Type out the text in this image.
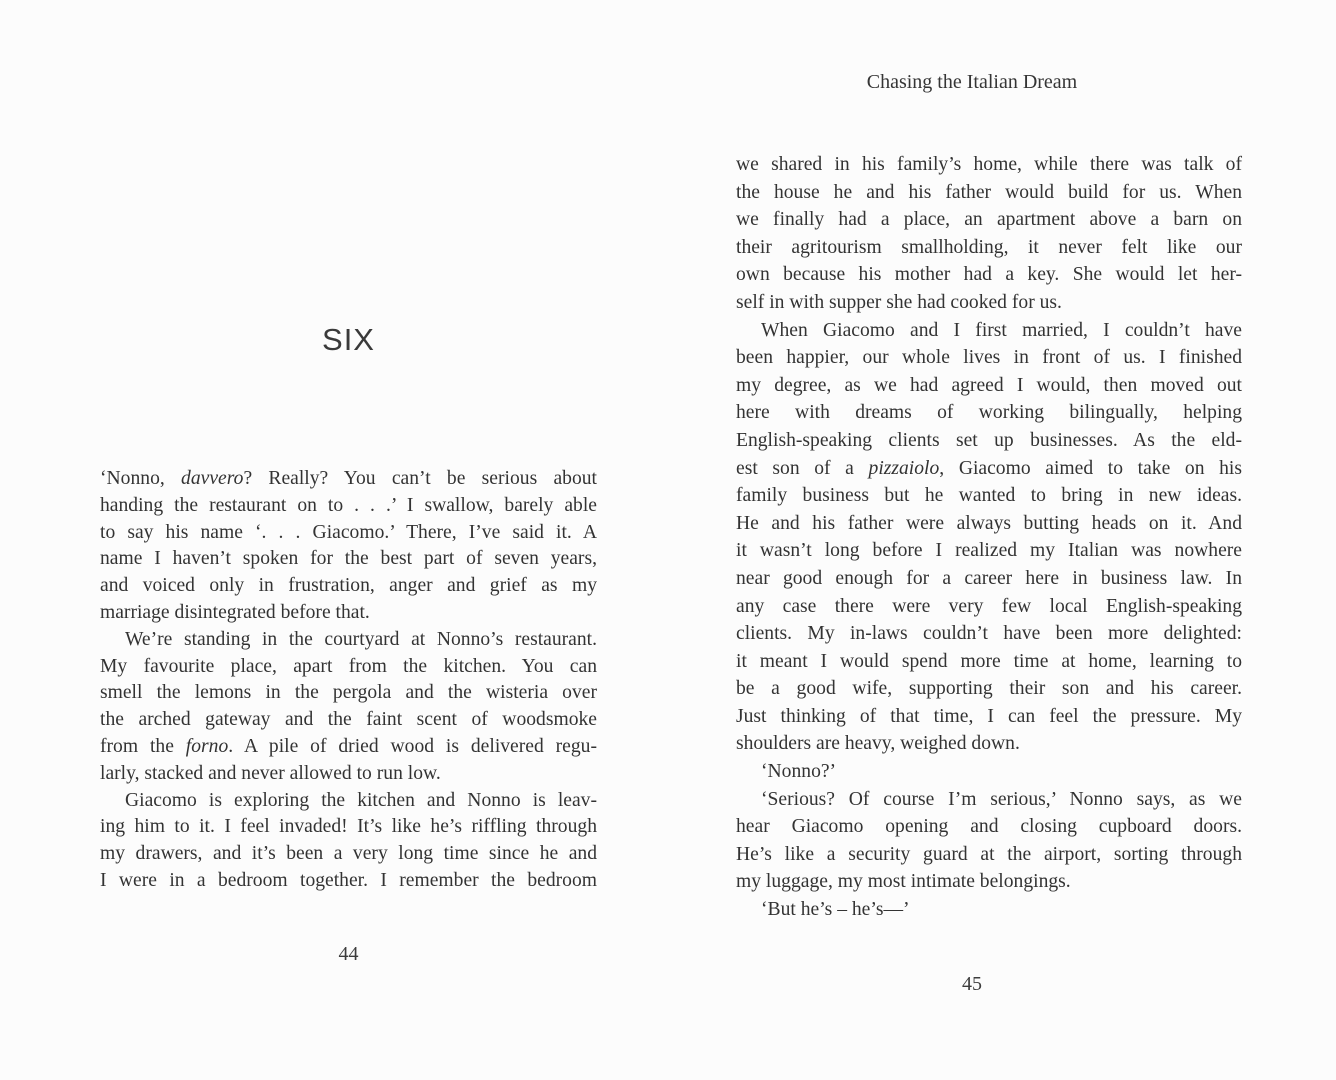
SIX
‘Nonno, davvero? Really? You can’t be serious about
handing the restaurant on to . . .’ I swallow, barely able
to say his name ‘. . . Giacomo.’ There, I’ve said it. A
name I haven’t spoken for the best part of seven years,
and voiced only in frustration, anger and grief as my
marriage disintegrated before that.
We’re standing in the courtyard at Nonno’s restaurant.
My favourite place, apart from the kitchen. You can
smell the lemons in the pergola and the wisteria over
the arched gateway and the faint scent of woodsmoke
from the forno. A pile of dried wood is delivered regu-
larly, stacked and never allowed to run low.
Giacomo is exploring the kitchen and Nonno is leav-
ing him to it. I feel invaded! It’s like he’s riffling through
my drawers, and it’s been a very long time since he and
I were in a bedroom together. I remember the bedroom
44
Chasing the Italian Dream
we shared in his family’s home, while there was talk of
the house he and his father would build for us. When
we finally had a place, an apartment above a barn on
their agritourism smallholding, it never felt like our
own because his mother had a key. She would let her-
self in with supper she had cooked for us.
When Giacomo and I first married, I couldn’t have
been happier, our whole lives in front of us. I finished
my degree, as we had agreed I would, then moved out
here with dreams of working bilingually, helping
English-speaking clients set up businesses. As the eld-
est son of a pizzaiolo, Giacomo aimed to take on his
family business but he wanted to bring in new ideas.
He and his father were always butting heads on it. And
it wasn’t long before I realized my Italian was nowhere
near good enough for a career here in business law. In
any case there were very few local English-speaking
clients. My in-laws couldn’t have been more delighted:
it meant I would spend more time at home, learning to
be a good wife, supporting their son and his career.
Just thinking of that time, I can feel the pressure. My
shoulders are heavy, weighed down.
‘Nonno?’
‘Serious? Of course I’m serious,’ Nonno says, as we
hear Giacomo opening and closing cupboard doors.
He’s like a security guard at the airport, sorting through
my luggage, my most intimate belongings.
‘But he’s – he’s—’
45
